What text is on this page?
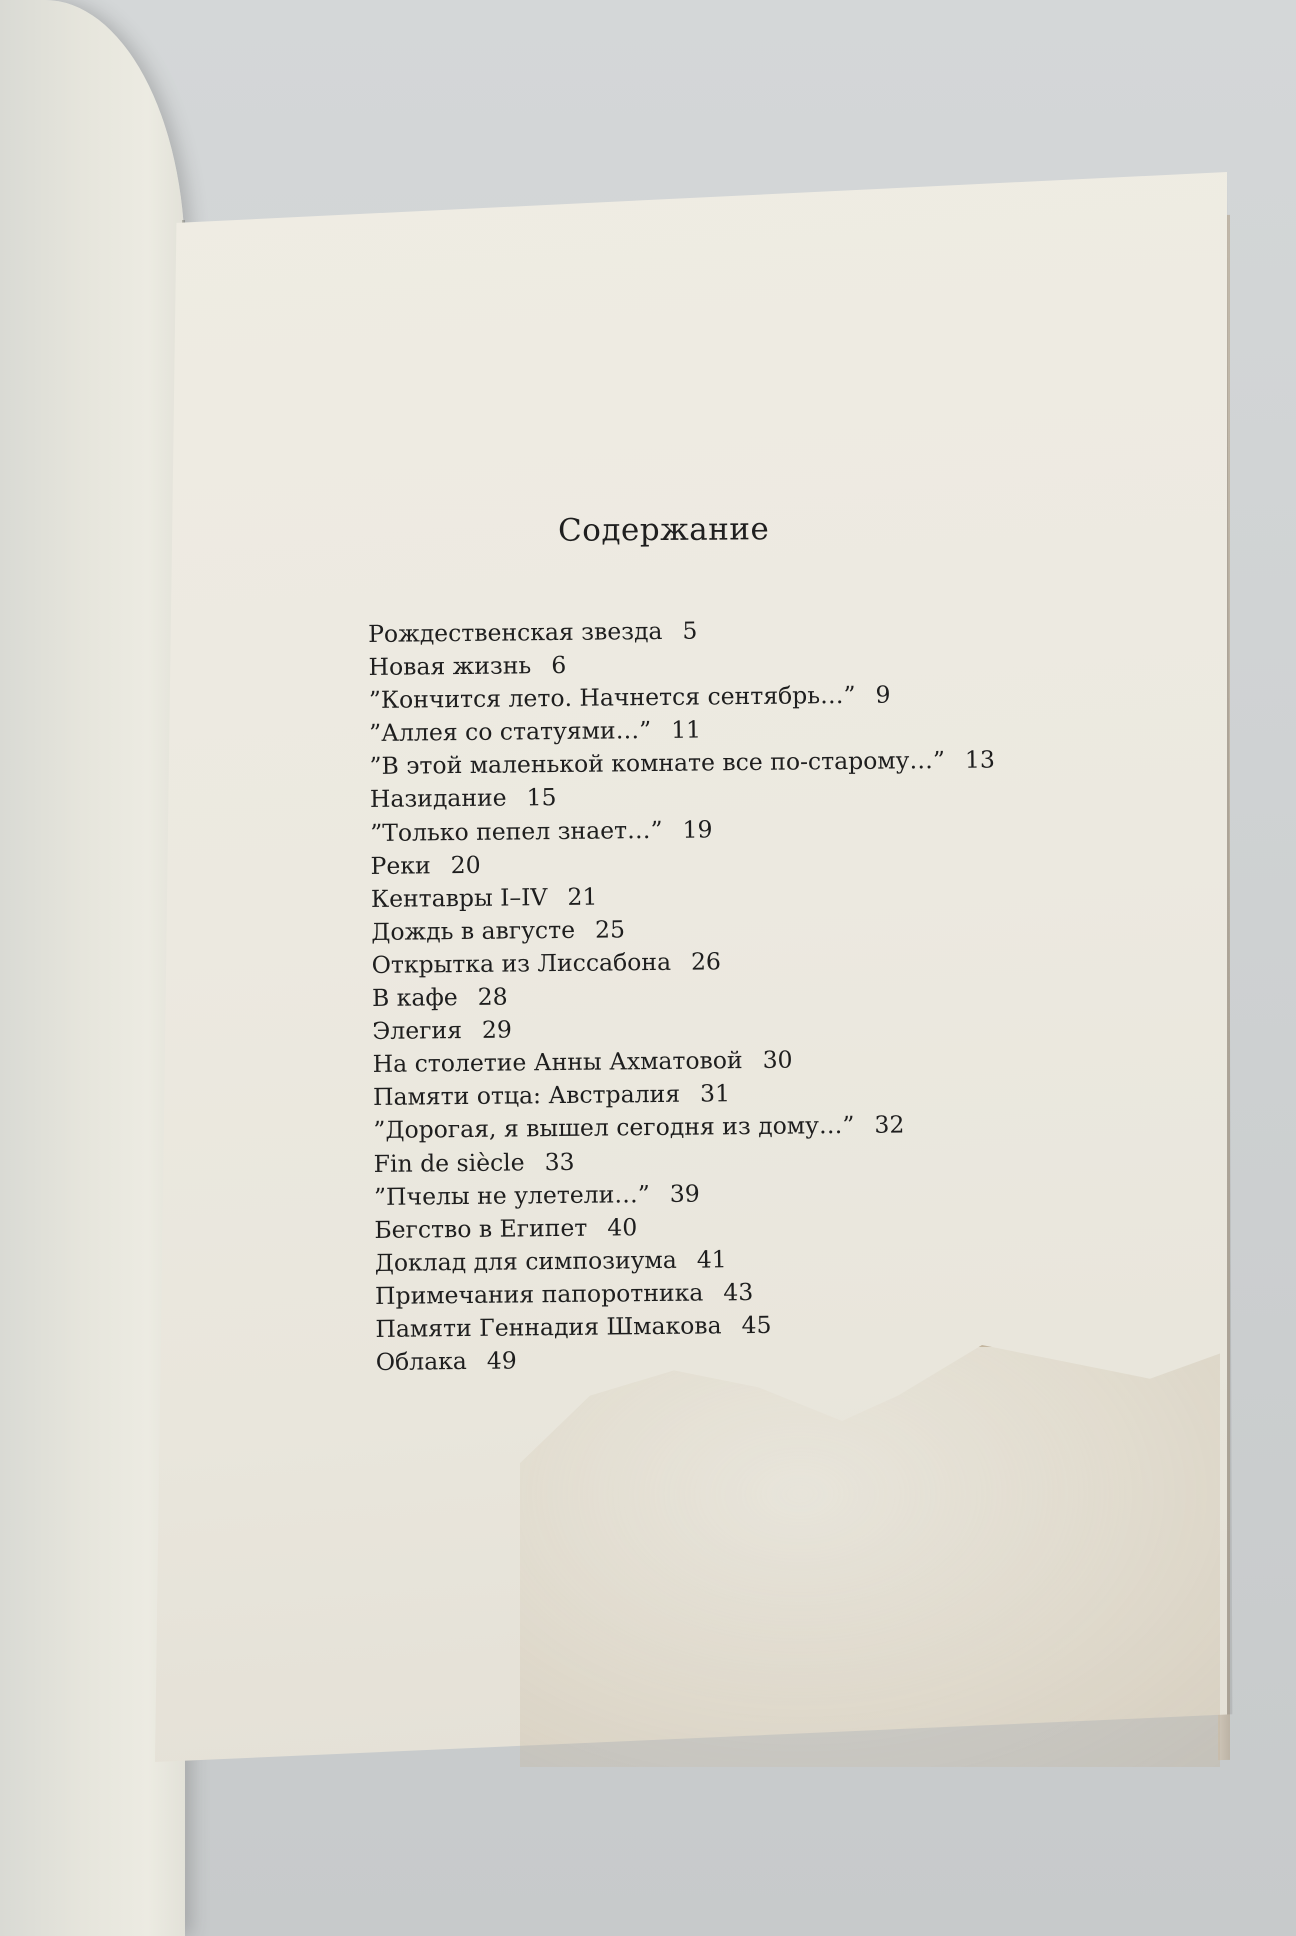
Содержание
Рождественская звезда 5
Новая жизнь 6
”Кончится лето. Начнется сентябрь…” 9
”Аллея со статуями…” 11
”В этой маленькой комнате все по-старому…” 13
Назидание 15
”Только пепел знает…” 19
Реки 20
Кентавры I–IV 21
Дождь в августе 25
Открытка из Лиссабона 26
В кафе 28
Элегия 29
На столетие Анны Ахматовой 30
Памяти отца: Австралия 31
”Дорогая, я вышел сегодня из дому…” 32
Fin de siècle 33
”Пчелы не улетели…” 39
Бегство в Египет 40
Доклад для симпозиума 41
Примечания папоротника 43
Памяти Геннадия Шмакова 45
Облака 49
